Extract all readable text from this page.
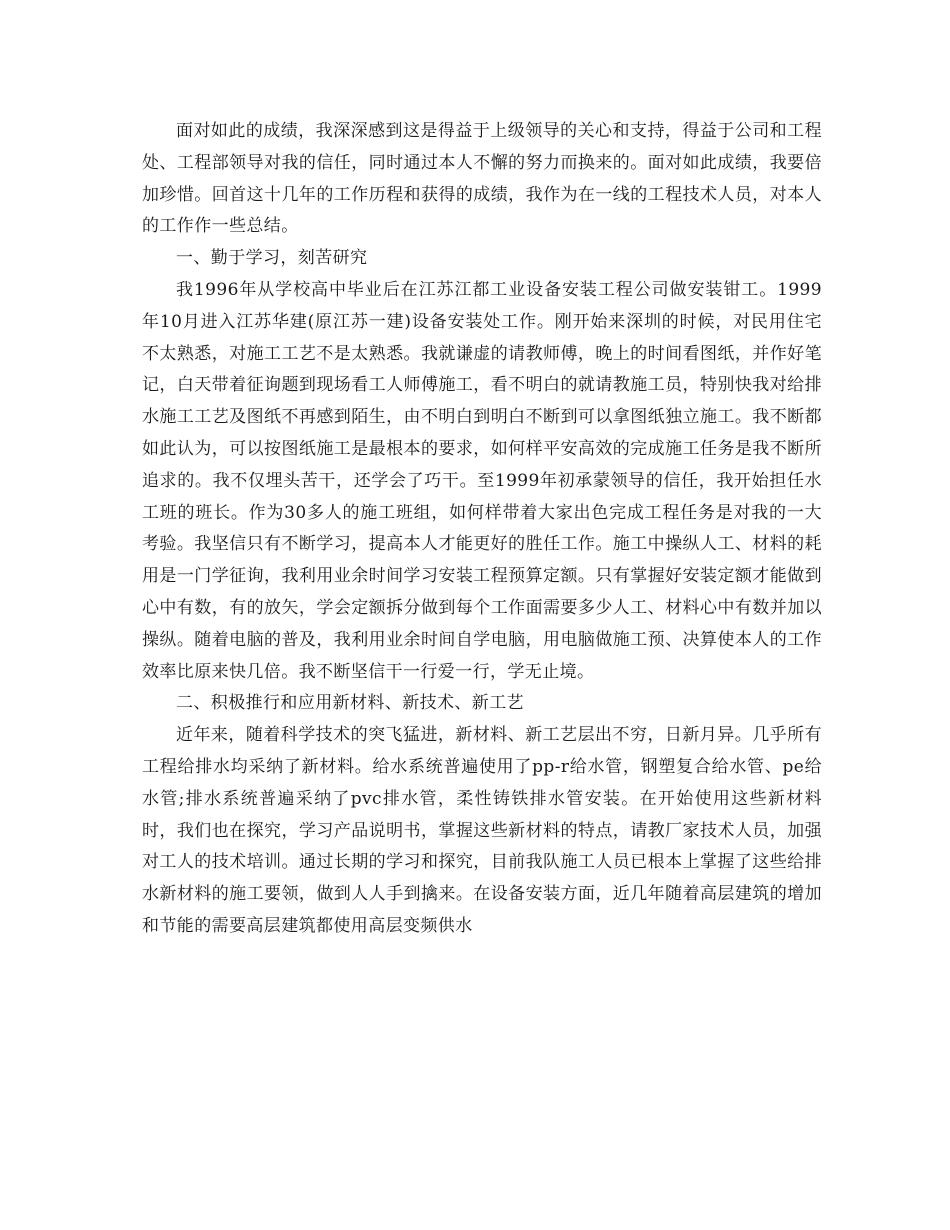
面对如此的成绩，我深深感到这是得益于上级领导的关心和支持，得益于公司和工程处、工程部领导对我的信任，同时通过本人不懈的努力而换来的。面对如此成绩，我要倍加珍惜。回首这十几年的工作历程和获得的成绩，我作为在一线的工程技术人员，对本人的工作作一些总结。

一、勤于学习，刻苦研究

我1996年从学校高中毕业后在江苏江都工业设备安装工程公司做安装钳工。1999年10月进入江苏华建(原江苏一建)设备安装处工作。刚开始来深圳的时候，对民用住宅不太熟悉，对施工工艺不是太熟悉。我就谦虚的请教师傅，晚上的时间看图纸，并作好笔记，白天带着征询题到现场看工人师傅施工，看不明白的就请教施工员，特别快我对给排水施工工艺及图纸不再感到陌生，由不明白到明白不断到可以拿图纸独立施工。我不断都如此认为，可以按图纸施工是最根本的要求，如何样平安高效的完成施工任务是我不断所追求的。我不仅埋头苦干，还学会了巧干。至1999年初承蒙领导的信任，我开始担任水工班的班长。作为30多人的施工班组，如何样带着大家出色完成工程任务是对我的一大考验。我坚信只有不断学习，提高本人才能更好的胜任工作。施工中操纵人工、材料的耗用是一门学征询，我利用业余时间学习安装工程预算定额。只有掌握好安装定额才能做到心中有数，有的放矢，学会定额拆分做到每个工作面需要多少人工、材料心中有数并加以操纵。随着电脑的普及，我利用业余时间自学电脑，用电脑做施工预、决算使本人的工作效率比原来快几倍。我不断坚信干一行爱一行，学无止境。

二、积极推行和应用新材料、新技术、新工艺

近年来，随着科学技术的突飞猛进，新材料、新工艺层出不穷，日新月异。几乎所有工程给排水均采纳了新材料。给水系统普遍使用了pp-r给水管，钢塑复合给水管、pe给水管;排水系统普遍采纳了pvc排水管，柔性铸铁排水管安装。在开始使用这些新材料时，我们也在探究，学习产品说明书，掌握这些新材料的特点，请教厂家技术人员，加强对工人的技术培训。通过长期的学习和探究，目前我队施工人员已根本上掌握了这些给排水新材料的施工要领，做到人人手到擒来。在设备安装方面，近几年随着高层建筑的增加和节能的需要高层建筑都使用高层变频供水
